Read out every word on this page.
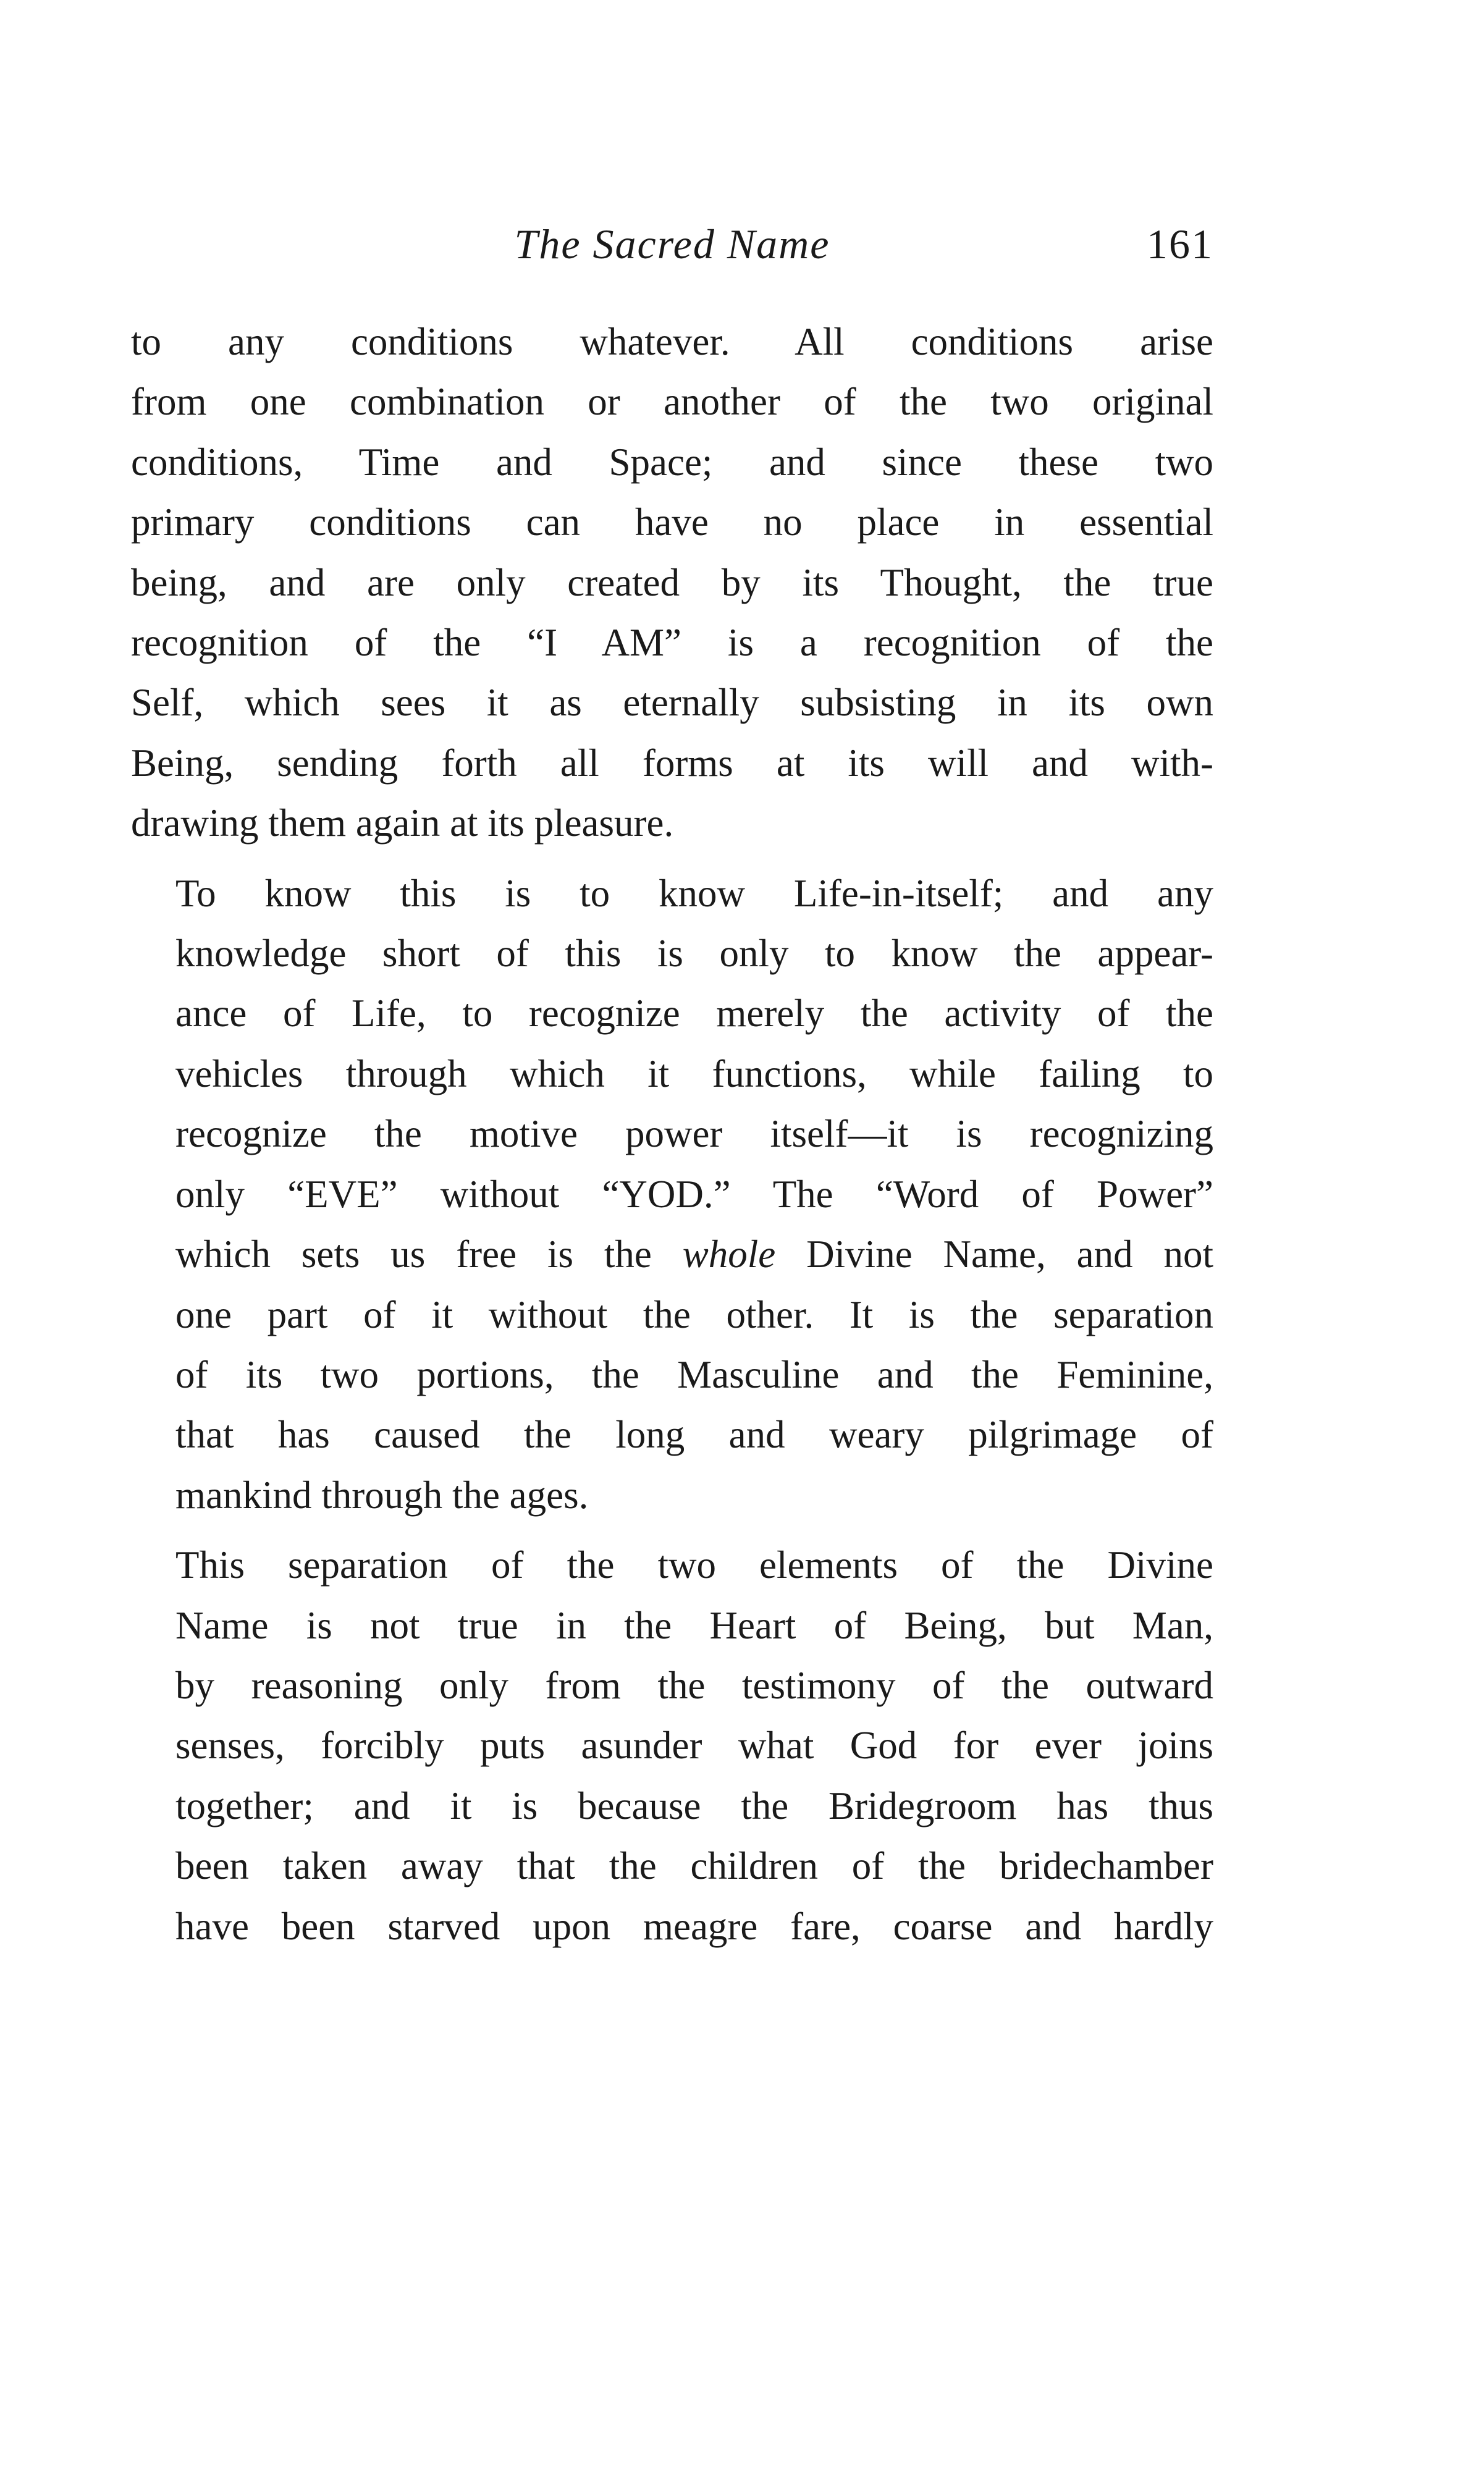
The Sacred Name	161

to any conditions whatever. All conditions arise
from one combination or another of the two original
conditions, Time and Space; and since these two
primary conditions can have no place in essential
being, and are only created by its Thought, the true
recognition of the “I AM” is a recognition of the
Self, which sees it as eternally subsisting in its own
Being, sending forth all forms at its will and with-
drawing them again at its pleasure.

To know this is to know Life-in-itself; and any
knowledge short of this is only to know the appear-
ance of Life, to recognize merely the activity of the
vehicles through which it functions, while failing to
recognize the motive power itself—it is recognizing
only “EVE” without “YOD.” The “Word of Power”
which sets us free is the whole Divine Name, and not
one part of it without the other. It is the separation
of its two portions, the Masculine and the Feminine,
that has caused the long and weary pilgrimage of
mankind through the ages.

This separation of the two elements of the Divine
Name is not true in the Heart of Being, but Man,
by reasoning only from the testimony of the outward
senses, forcibly puts asunder what God for ever joins
together; and it is because the Bridegroom has thus
been taken away that the children of the bridechamber
have been starved upon meagre fare, coarse and hardly
